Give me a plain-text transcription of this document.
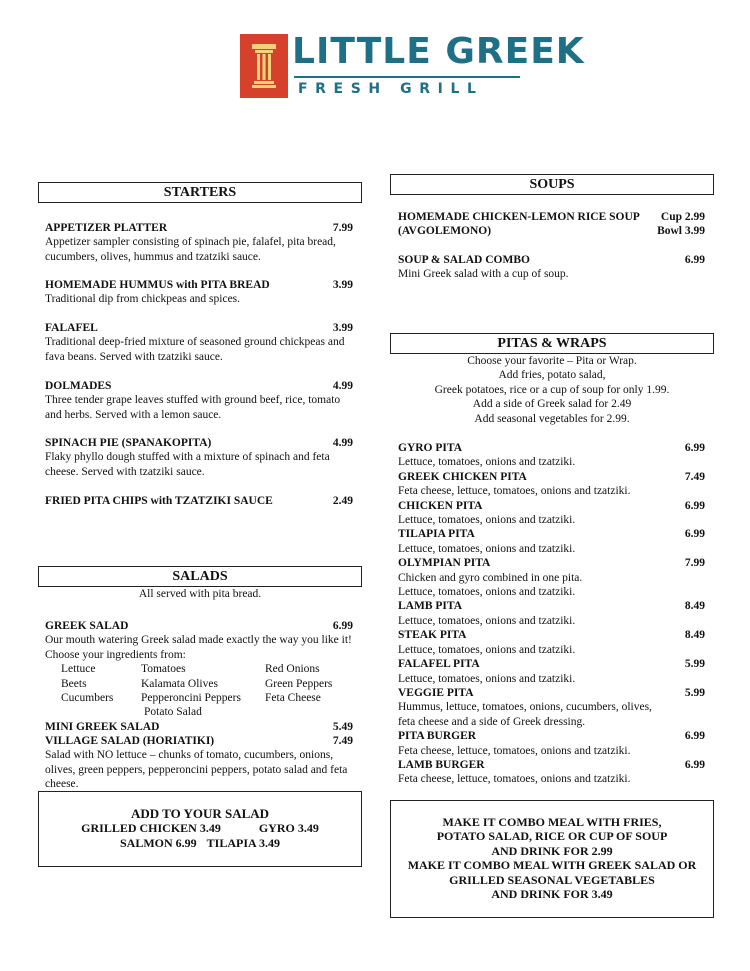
LITTLE GREEK
FRESH GRILL
STARTERS
APPETIZER PLATTER	7.99

Appetizer sampler consisting of spinach pie, falafel, pita bread, cucumbers, olives, hummus and tzatziki sauce.

HOMEMADE HUMMUS with PITA BREAD	3.99

Traditional dip from chickpeas and spices.

FALAFEL	3.99

Traditional deep-fried mixture of seasoned ground chickpeas and fava beans. Served with tzatziki sauce.

DOLMADES	4.99

Three tender grape leaves stuffed with ground beef, rice, tomato and herbs. Served with a lemon sauce.

SPINACH PIE (SPANAKOPITA)	4.99

Flaky phyllo dough stuffed with a mixture of spinach and feta cheese. Served with tzatziki sauce.

FRIED PITA CHIPS with TZATZIKI SAUCE	2.49
SALADS
All served with pita bread.
GREEK SALAD	6.99

Our mouth watering Greek salad made exactly the way you like it! Choose your ingredients from:

Lettuce	Tomatoes	Red Onions
Beets	Kalamata Olives	Green Peppers
Cucumbers	Pepperoncini Peppers	Feta Cheese
Potato Salad
MINI GREEK SALAD	5.49
VILLAGE SALAD (HORIATIKI)	7.49

Salad with NO lettuce – chunks of tomato, cucumbers, onions, olives, green peppers, pepperoncini peppers, potato salad and feta cheese.

ADD TO YOUR SALAD
GRILLED CHICKEN 3.49	GYRO 3.49
SALMON 6.99 TILAPIA 3.49
SOUPS
HOMEMADE CHICKEN-LEMON RICE SOUP Cup 2.99
(AVGOLEMONO)	Bowl 3.99
SOUP & SALAD COMBO	6.99

Mini Greek salad with a cup of soup.

PITAS & WRAPS
Choose your favorite – Pita or Wrap.
Add fries, potato salad,
Greek potatoes, rice or a cup of soup for only 1.99.
Add a side of Greek salad for 2.49
Add seasonal vegetables for 2.99.
GYRO PITA	6.99
Lettuce, tomatoes, onions and tzatziki.
GREEK CHICKEN PITA	7.49
Feta cheese, lettuce, tomatoes, onions and tzatziki.
CHICKEN PITA	6.99
Lettuce, tomatoes, onions and tzatziki.
TILAPIA PITA	6.99
Lettuce, tomatoes, onions and tzatziki.
OLYMPIAN PITA	7.99
Chicken and gyro combined in one pita.
Lettuce, tomatoes, onions and tzatziki.
LAMB PITA	8.49
Lettuce, tomatoes, onions and tzatziki.
STEAK PITA	8.49
Lettuce, tomatoes, onions and tzatziki.
FALAFEL PITA	5.99
Lettuce, tomatoes, onions and tzatziki.
VEGGIE PITA	5.99
Hummus, lettuce, tomatoes, onions, cucumbers, olives,
feta cheese and a side of Greek dressing.
PITA BURGER	6.99
Feta cheese, lettuce, tomatoes, onions and tzatziki.
LAMB BURGER	6.99
Feta cheese, lettuce, tomatoes, onions and tzatziki.
MAKE IT COMBO MEAL WITH FRIES,
POTATO SALAD, RICE OR CUP OF SOUP
AND DRINK FOR 2.99
MAKE IT COMBO MEAL WITH GREEK SALAD OR
GRILLED SEASONAL VEGETABLES
AND DRINK FOR 3.49
